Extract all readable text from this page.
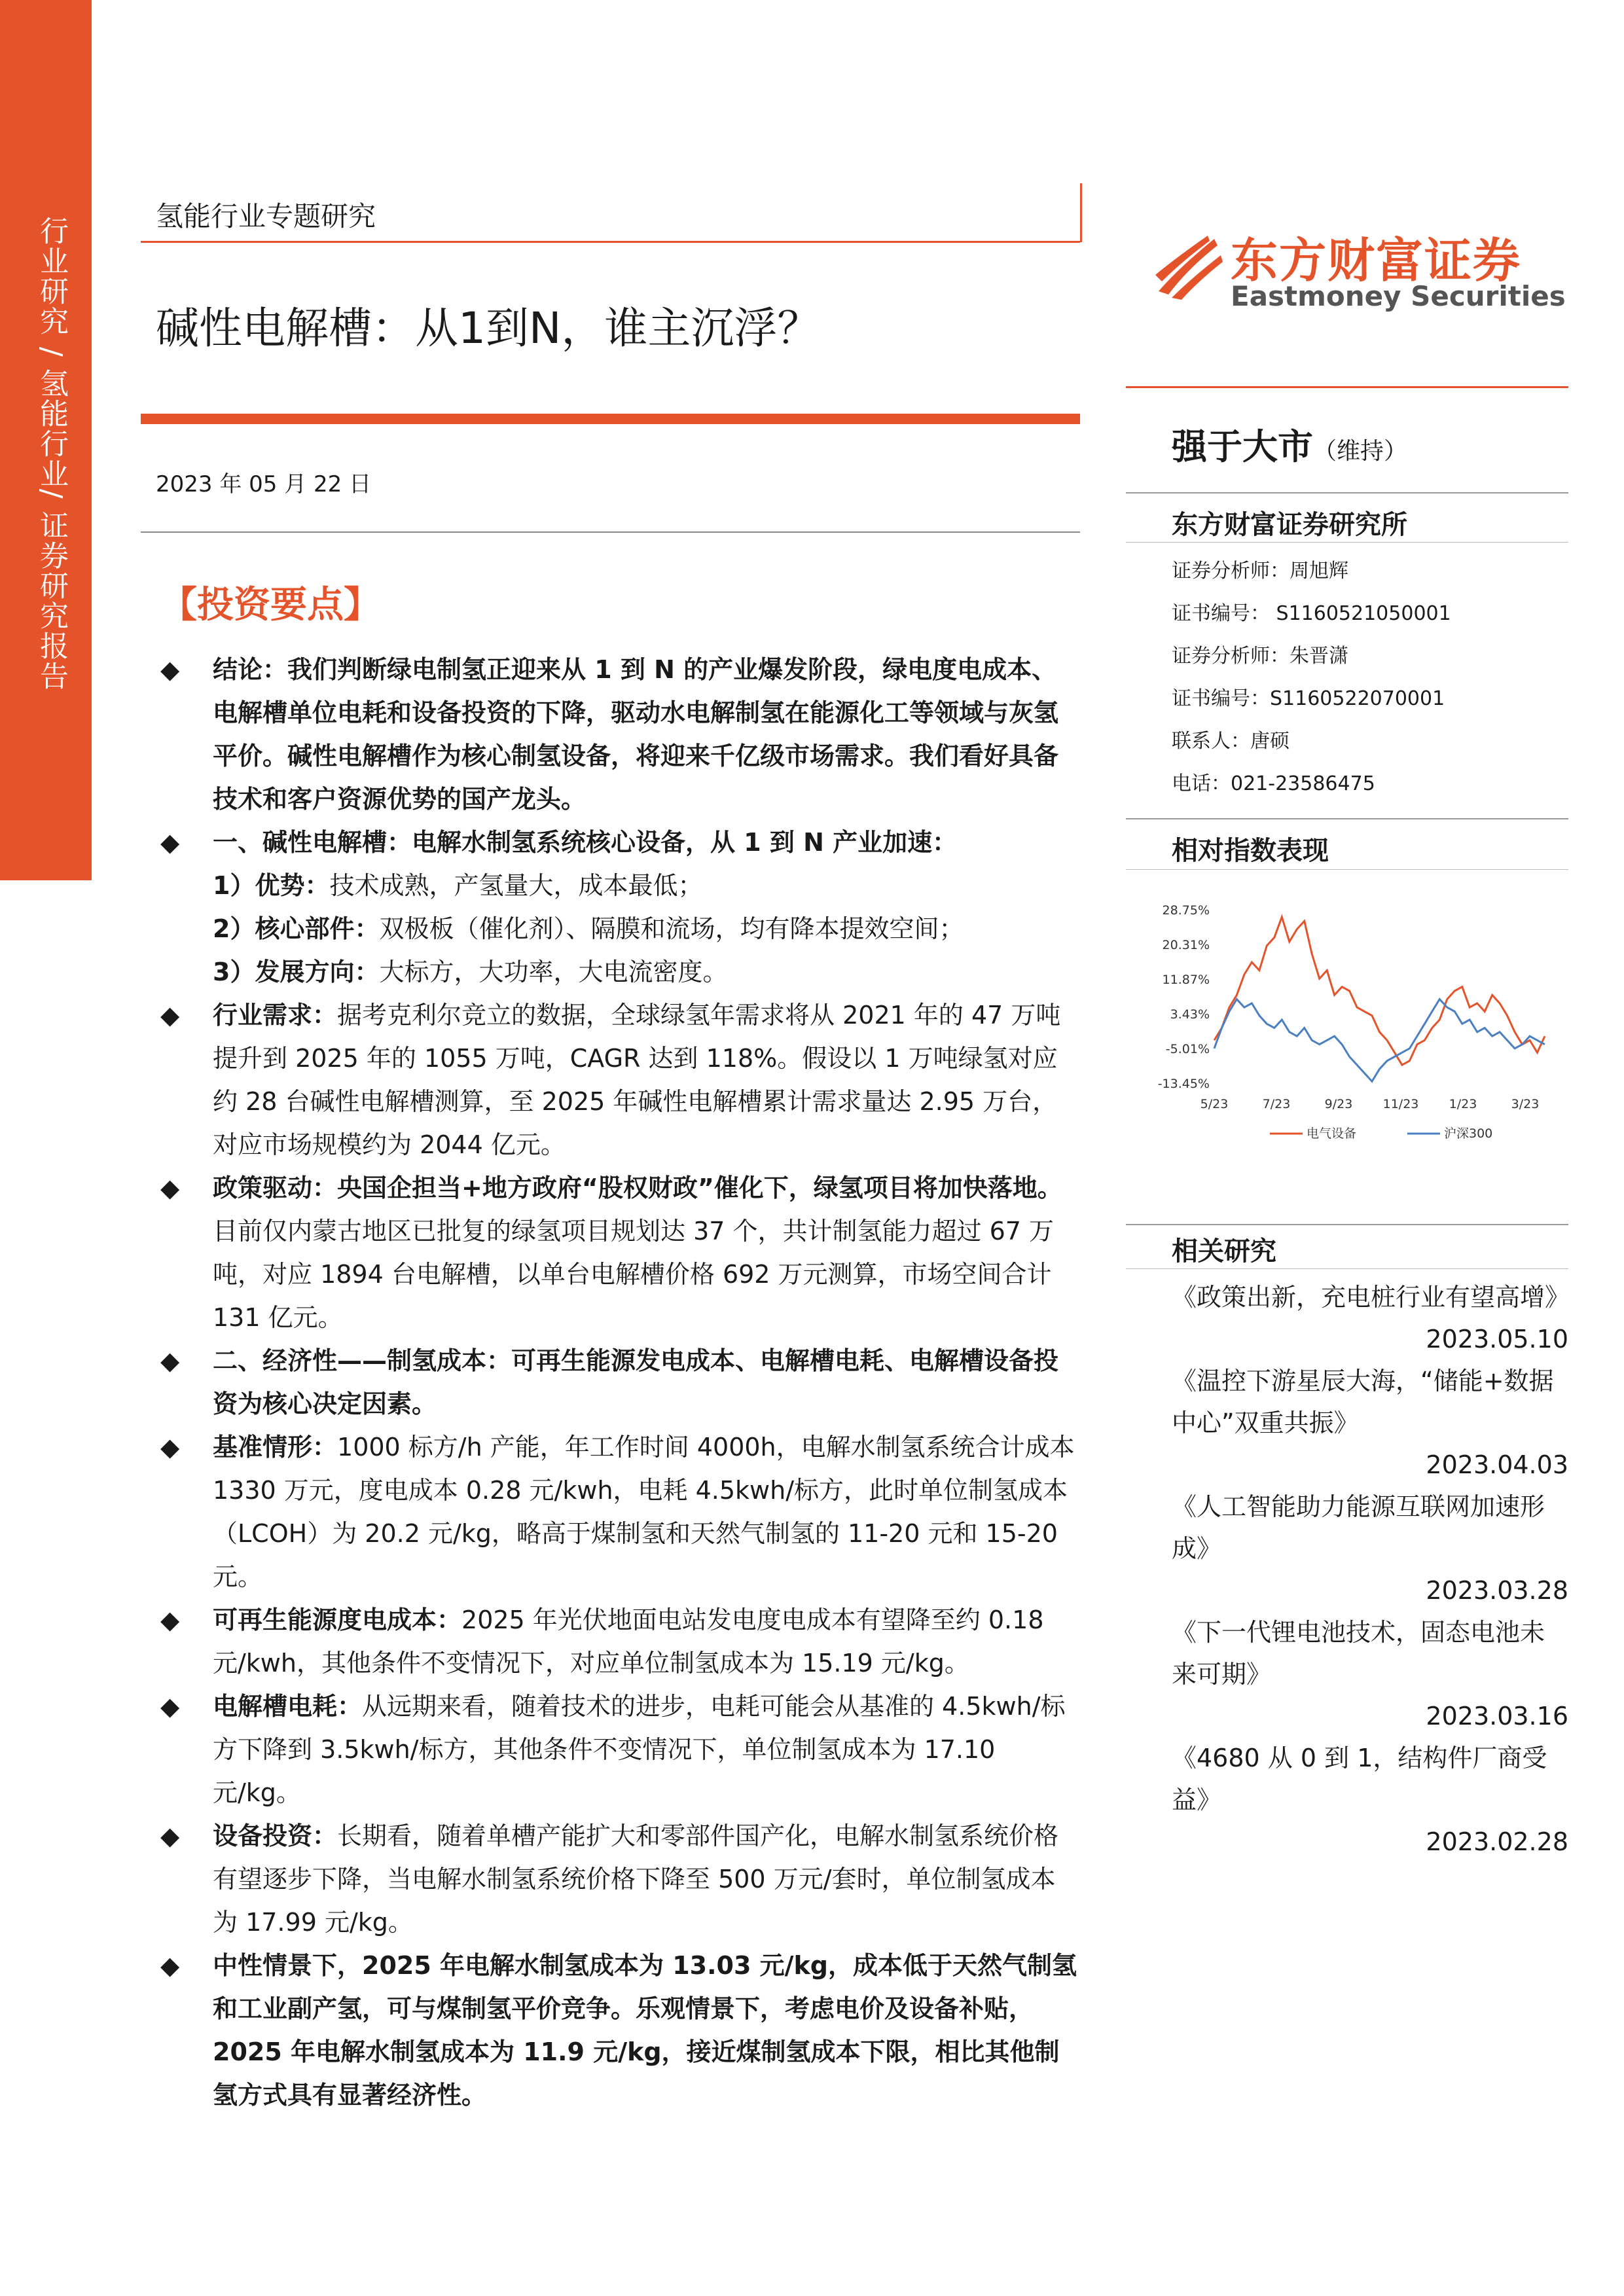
行业研究 / 氢能行业/ 证券研究报告	氢能行业专题研究
碱性电解槽：从1到N，谁主沉浮？
2023 年 05 月 22 日
东方财富证券
Eastmoney Securities
强于大市（维持）
东方财富证券研究所
证券分析师：周旭辉
证书编号： S1160521050001
证券分析师：朱晋潇
证书编号：S1160522070001
联系人：唐硕
电话：021-23586475
相对指数表现
28.75%
20.31%
11.87%
3.43%
-5.01%
-13.45%
5/23	7/23	9/23 11/23 1/23	3/23
电气设备	沪深300
【投资要点】
◆ 结论：我们判断绿电制氢正迎来从 1 到 N 的产业爆发阶段，绿电度电成本、电解槽单位电耗和设备投资的下降，驱动水电解制氢在能源化工等领域与灰氢平价。碱性电解槽作为核心制氢设备，将迎来千亿级市场需求。我们看好具备技术和客户资源优势的国产龙头。
◆ 一、碱性电解槽：电解水制氢系统核心设备，从 1 到 N 产业加速：
1）优势：技术成熟，产氢量大，成本最低；
2）核心部件：双极板（催化剂）、隔膜和流场，均有降本提效空间；
3）发展方向：大标方，大功率，大电流密度。
◆ 行业需求：据考克利尔竞立的数据，全球绿氢年需求将从 2021 年的 47 万吨提升到 2025 年的 1055 万吨，CAGR 达到 118%。假设以 1 万吨绿氢对应约 28 台碱性电解槽测算，至 2025 年碱性电解槽累计需求量达 2.95 万台，对应市场规模约为 2044 亿元。
◆ 政策驱动：央国企担当+地方政府“股权财政”催化下，绿氢项目将加快落地。目前仅内蒙古地区已批复的绿氢项目规划达 37 个，共计制氢能力超过 67 万吨，对应 1894 台电解槽，以单台电解槽价格 692 万元测算，市场空间合计 131 亿元。
◆ 二、经济性——制氢成本：可再生能源发电成本、电解槽电耗、电解槽设备投资为核心决定因素。
◆ 基准情形：1000 标方/h 产能，年工作时间 4000h，电解水制氢系统合计成本 1330 万元，度电成本 0.28 元/kwh，电耗 4.5kwh/标方，此时单位制氢成本（LCOH）为 20.2 元/kg，略高于煤制氢和天然气制氢的 11-20 元和 15-20 元。
◆ 可再生能源度电成本：2025 年光伏地面电站发电度电成本有望降至约 0.18 元/kwh，其他条件不变情况下，对应单位制氢成本为 15.19 元/kg。
◆ 电解槽电耗：从远期来看，随着技术的进步，电耗可能会从基准的 4.5kwh/标方下降到 3.5kwh/标方，其他条件不变情况下，单位制氢成本为 17.10 元/kg。
◆ 设备投资：长期看，随着单槽产能扩大和零部件国产化，电解水制氢系统价格有望逐步下降，当电解水制氢系统价格下降至 500 万元/套时，单位制氢成本为 17.99 元/kg。
◆ 中性情景下，2025 年电解水制氢成本为 13.03 元/kg，成本低于天然气制氢和工业副产氢，可与煤制氢平价竞争。乐观情景下，考虑电价及设备补贴，2025 年电解水制氢成本为 11.9 元/kg，接近煤制氢成本下限，相比其他制氢方式具有显著经济性。
相关研究
《政策出新，充电桩行业有望高增》
2023.05.10
《温控下游星辰大海，“储能+数据中心”双重共振》
2023.04.03
《人工智能助力能源互联网加速形成》
2023.03.28
《下一代锂电池技术，固态电池未来可期》
2023.03.16
《4680 从 0 到 1，结构件厂商受益》
2023.02.28
